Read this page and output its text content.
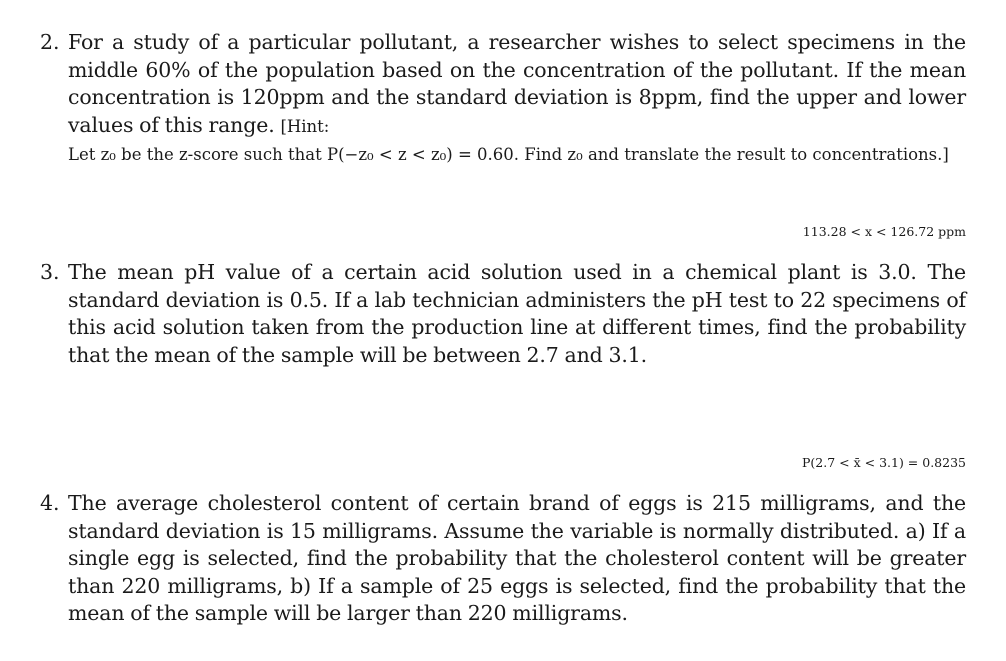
2. For a study of a particular pollutant, a researcher wishes to select specimens in the middle 60% of the population based on the concentration of the pollutant. If the mean concentration is 120ppm and the standard deviation is 8ppm, find the upper and lower values of this range. [Hint:
Let z₀ be the z-score such that P(−z₀ < z < z₀) = 0.60. Find z₀ and translate the result to concentrations.]
113.28 < x < 126.72 ppm
3. The mean pH value of a certain acid solution used in a chemical plant is 3.0. The standard deviation is 0.5. If a lab technician administers the pH test to 22 specimens of this acid solution taken from the production line at different times, find the probability that the mean of the sample will be between 2.7 and 3.1.
P(2.7 < x̄ < 3.1) = 0.8235
4. The average cholesterol content of certain brand of eggs is 215 milligrams, and the standard deviation is 15 milligrams. Assume the variable is normally distributed. a) If a single egg is selected, find the probability that the cholesterol content will be greater than 220 milligrams, b) If a sample of 25 eggs is selected, find the probability that the mean of the sample will be larger than 220 milligrams.
